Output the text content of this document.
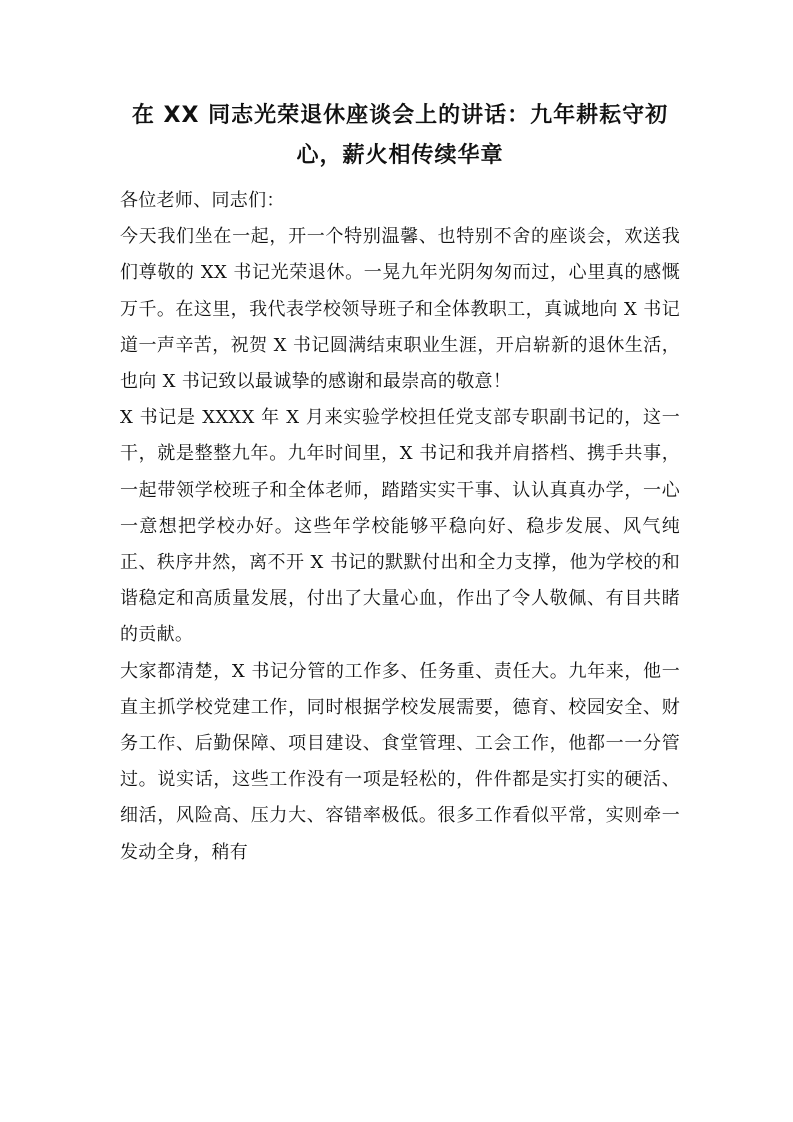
在 XX 同志光荣退休座谈会上的讲话：九年耕耘守初心，薪火相传续华章

各位老师、同志们：

今天我们坐在一起，开一个特别温馨、也特别不舍的座谈会，欢送我们尊敬的 XX 书记光荣退休。一晃九年光阴匆匆而过，心里真的感慨万千。在这里，我代表学校领导班子和全体教职工，真诚地向 X 书记道一声辛苦，祝贺 X 书记圆满结束职业生涯，开启崭新的退休生活，也向 X 书记致以最诚挚的感谢和最崇高的敬意！

X 书记是 XXXX 年 X 月来实验学校担任党支部专职副书记的，这一干，就是整整九年。九年时间里，X 书记和我并肩搭档、携手共事，一起带领学校班子和全体老师，踏踏实实干事、认认真真办学，一心一意想把学校办好。这些年学校能够平稳向好、稳步发展、风气纯正、秩序井然，离不开 X 书记的默默付出和全力支撑，他为学校的和谐稳定和高质量发展，付出了大量心血，作出了令人敬佩、有目共睹的贡献。

大家都清楚，X 书记分管的工作多、任务重、责任大。九年来，他一直主抓学校党建工作，同时根据学校发展需要，德育、校园安全、财务工作、后勤保障、项目建设、食堂管理、工会工作，他都一一分管过。说实话，这些工作没有一项是轻松的，件件都是实打实的硬活、细活，风险高、压力大、容错率极低。很多工作看似平常，实则牵一发动全身，稍有
